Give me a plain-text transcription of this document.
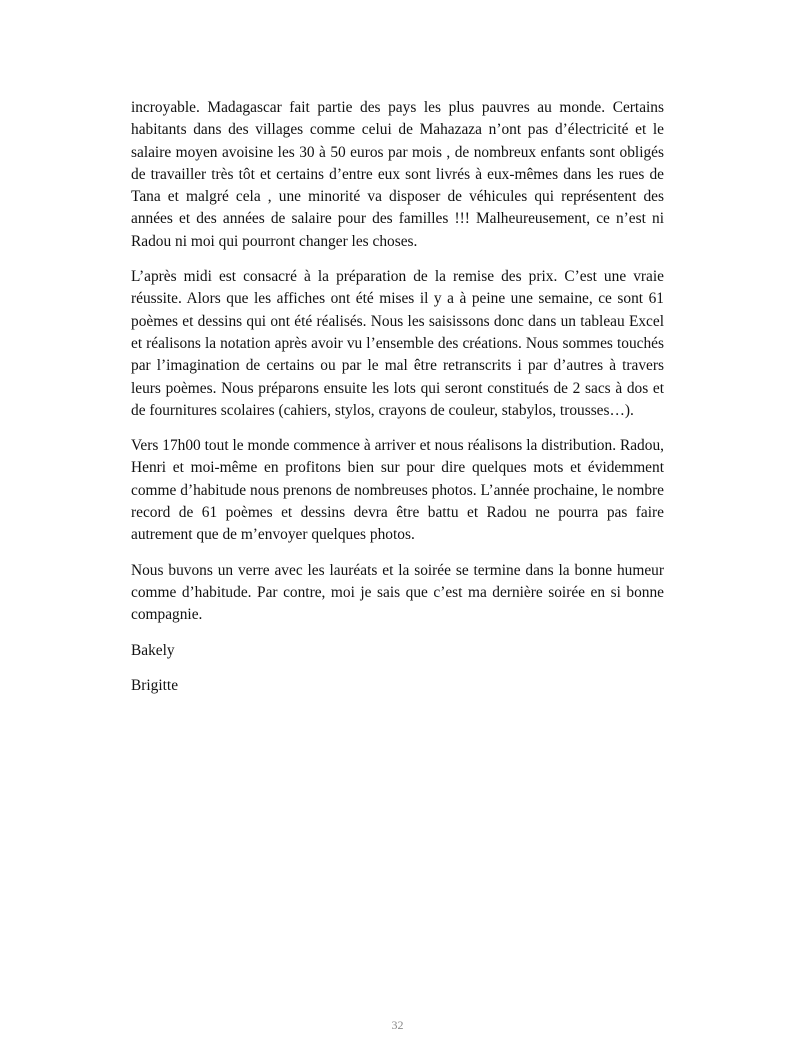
incroyable. Madagascar fait partie des pays les plus pauvres au monde. Certains habitants dans des villages comme celui de Mahazaza n’ont pas d’électricité et le salaire moyen avoisine les 30 à 50 euros par mois , de nombreux enfants sont obligés de travailler très tôt et certains d’entre eux sont livrés à eux-mêmes dans les rues de Tana et malgré cela , une minorité va disposer de véhicules qui représentent des années et des années de salaire pour des familles !!! Malheureusement, ce n’est ni Radou ni moi qui pourront changer les choses.

L’après midi est consacré à la préparation de la remise des prix. C’est une vraie réussite. Alors que les affiches ont été mises il y a à peine une semaine, ce sont 61 poèmes et dessins qui ont été réalisés. Nous les saisissons donc dans un tableau Excel et réalisons la notation après avoir vu l’ensemble des créations. Nous sommes touchés par l’imagination de certains ou par le mal être retranscrits i par d’autres à travers leurs poèmes. Nous préparons ensuite les lots qui seront constitués de 2 sacs à dos et de fournitures scolaires (cahiers, stylos, crayons de couleur, stabylos, trousses…).

Vers 17h00 tout le monde commence à arriver et nous réalisons la distribution. Radou, Henri et moi-même en profitons bien sur pour dire quelques mots et évidemment comme d’habitude nous prenons de nombreuses photos. L’année prochaine, le nombre record de 61 poèmes et dessins devra être battu et Radou ne pourra pas faire autrement que de m’envoyer quelques photos.

Nous buvons un verre avec les lauréats et la soirée se termine dans la bonne humeur comme d’habitude. Par contre, moi je sais que c’est ma dernière soirée en si bonne compagnie.

Bakely

Brigitte

32
